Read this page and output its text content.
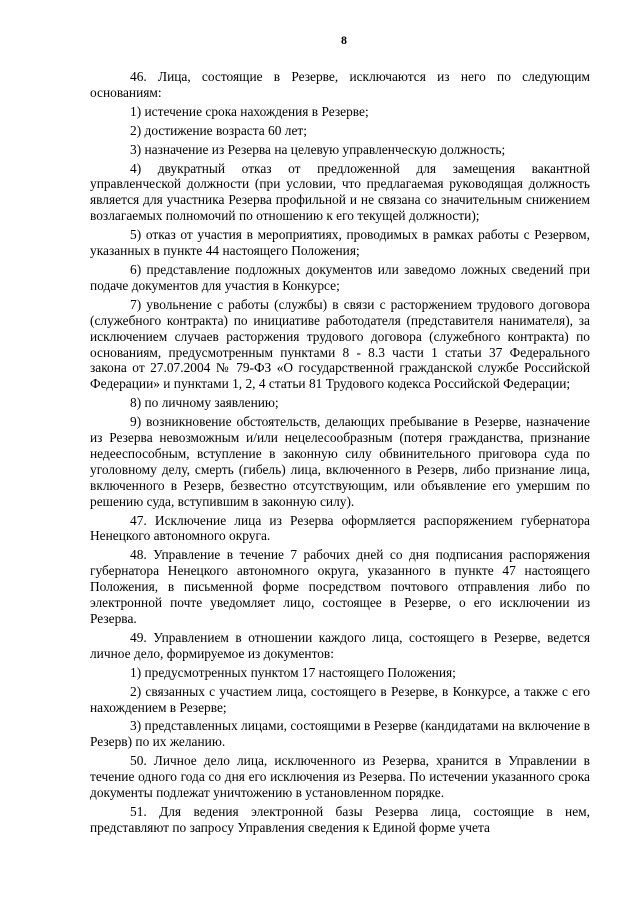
8

46. Лица, состоящие в Резерве, исключаются из него по следующим основаниям:

1) истечение срока нахождения в Резерве;

2) достижение возраста 60 лет;

3) назначение из Резерва на целевую управленческую должность;

4) двукратный отказ от предложенной для замещения вакантной управленческой должности (при условии, что предлагаемая руководящая должность является для участника Резерва профильной и не связана со значительным снижением возлагаемых полномочий по отношению к его текущей должности);

5) отказ от участия в мероприятиях, проводимых в рамках работы с Резервом, указанных в пункте 44 настоящего Положения;

6) представление подложных документов или заведомо ложных сведений при подаче документов для участия в Конкурсе;

7) увольнение с работы (службы) в связи с расторжением трудового договора (служебного контракта) по инициативе работодателя (представителя нанимателя), за исключением случаев расторжения трудового договора (служебного контракта) по основаниям, предусмотренным пунктами 8 - 8.3 части 1 статьи 37 Федерального закона от 27.07.2004 № 79-ФЗ «О государственной гражданской службе Российской Федерации» и пунктами 1, 2, 4 статьи 81 Трудового кодекса Российской Федерации;

8) по личному заявлению;

9) возникновение обстоятельств, делающих пребывание в Резерве, назначение из Резерва невозможным и/или нецелесообразным (потеря гражданства, признание недееспособным, вступление в законную силу обвинительного приговора суда по уголовному делу, смерть (гибель) лица, включенного в Резерв, либо признание лица, включенного в Резерв, безвестно отсутствующим, или объявление его умершим по решению суда, вступившим в законную силу).

47. Исключение лица из Резерва оформляется распоряжением губернатора Ненецкого автономного округа.

48. Управление в течение 7 рабочих дней со дня подписания распоряжения губернатора Ненецкого автономного округа, указанного в пункте 47 настоящего Положения, в письменной форме посредством почтового отправления либо по электронной почте уведомляет лицо, состоящее в Резерве, о его исключении из Резерва.

49. Управлением в отношении каждого лица, состоящего в Резерве, ведется личное дело, формируемое из документов:

1) предусмотренных пунктом 17 настоящего Положения;

2) связанных с участием лица, состоящего в Резерве, в Конкурсе, а также с его нахождением в Резерве;

3) представленных лицами, состоящими в Резерве (кандидатами на включение в Резерв) по их желанию.

50. Личное дело лица, исключенного из Резерва, хранится в Управлении в течение одного года со дня его исключения из Резерва. По истечении указанного срока документы подлежат уничтожению в установленном порядке.

51. Для ведения электронной базы Резерва лица, состоящие в нем, представляют по запросу Управления сведения к Единой форме учета
